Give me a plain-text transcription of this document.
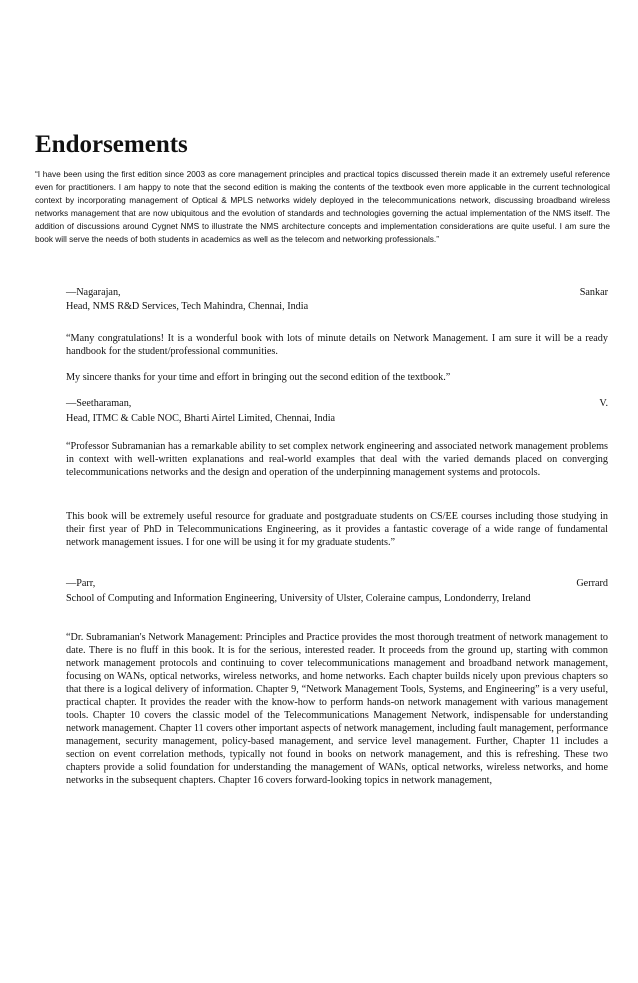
Endorsements

“I have been using the first edition since 2003 as core management principles and practical topics discussed therein made it an extremely useful reference even for practitioners. I am happy to note that the second edition is making the contents of the textbook even more applicable in the current technological context by incorporating management of Optical & MPLS networks widely deployed in the telecommunications network, discussing broadband wireless networks management that are now ubiquitous and the evolution of standards and technologies governing the actual implementation of the NMS itself. The addition of discussions around Cygnet NMS to illustrate the NMS architecture concepts and implementation considerations are quite useful. I am sure the book will serve the needs of both students in academics as well as the telecom and networking professionals.”

—Nagarajan,	Sankar

Head, NMS R&D Services, Tech Mahindra, Chennai, India

“Many congratulations! It is a wonderful book with lots of minute details on Network Management. I am sure it will be a ready handbook for the student/professional communities.

My sincere thanks for your time and effort in bringing out the second edition of the textbook.”

—Seetharaman,	V.

Head, ITMC & Cable NOC, Bharti Airtel Limited, Chennai, India

“Professor Subramanian has a remarkable ability to set complex network engineering and associated network management problems in context with well-written explanations and real-world examples that deal with the varied demands placed on converging telecommunications networks and the design and operation of the underpinning management systems and protocols.

This book will be extremely useful resource for graduate and postgraduate students on CS/EE courses including those studying in their first year of PhD in Telecommunications Engineering, as it provides a fantastic coverage of a wide range of fundamental network management issues. I for one will be using it for my graduate students.”

—Parr,	Gerrard

School of Computing and Information Engineering, University of Ulster, Coleraine campus, Londonderry, Ireland

“Dr. Subramanian's Network Management: Principles and Practice provides the most thorough treatment of network management to date. There is no fluff in this book. It is for the serious, interested reader. It proceeds from the ground up, starting with common network management protocols and continuing to cover telecommunications management and broadband network management, focusing on WANs, optical networks, wireless networks, and home networks. Each chapter builds nicely upon previous chapters so that there is a logical delivery of information. Chapter 9, “Network Management Tools, Systems, and Engineering” is a very useful, practical chapter. It provides the reader with the know-how to perform hands-on network management with various management tools. Chapter 10 covers the classic model of the Telecommunications Management Network, indispensable for understanding network management. Chapter 11 covers other important aspects of network management, including fault management, performance management, security management, policy-based management, and service level management. Further, Chapter 11 includes a section on event correlation methods, typically not found in books on network management, and this is refreshing. These two chapters provide a solid foundation for understanding the management of WANs, optical networks, wireless networks, and home networks in the subsequent chapters. Chapter 16 covers forward-looking topics in network management,
